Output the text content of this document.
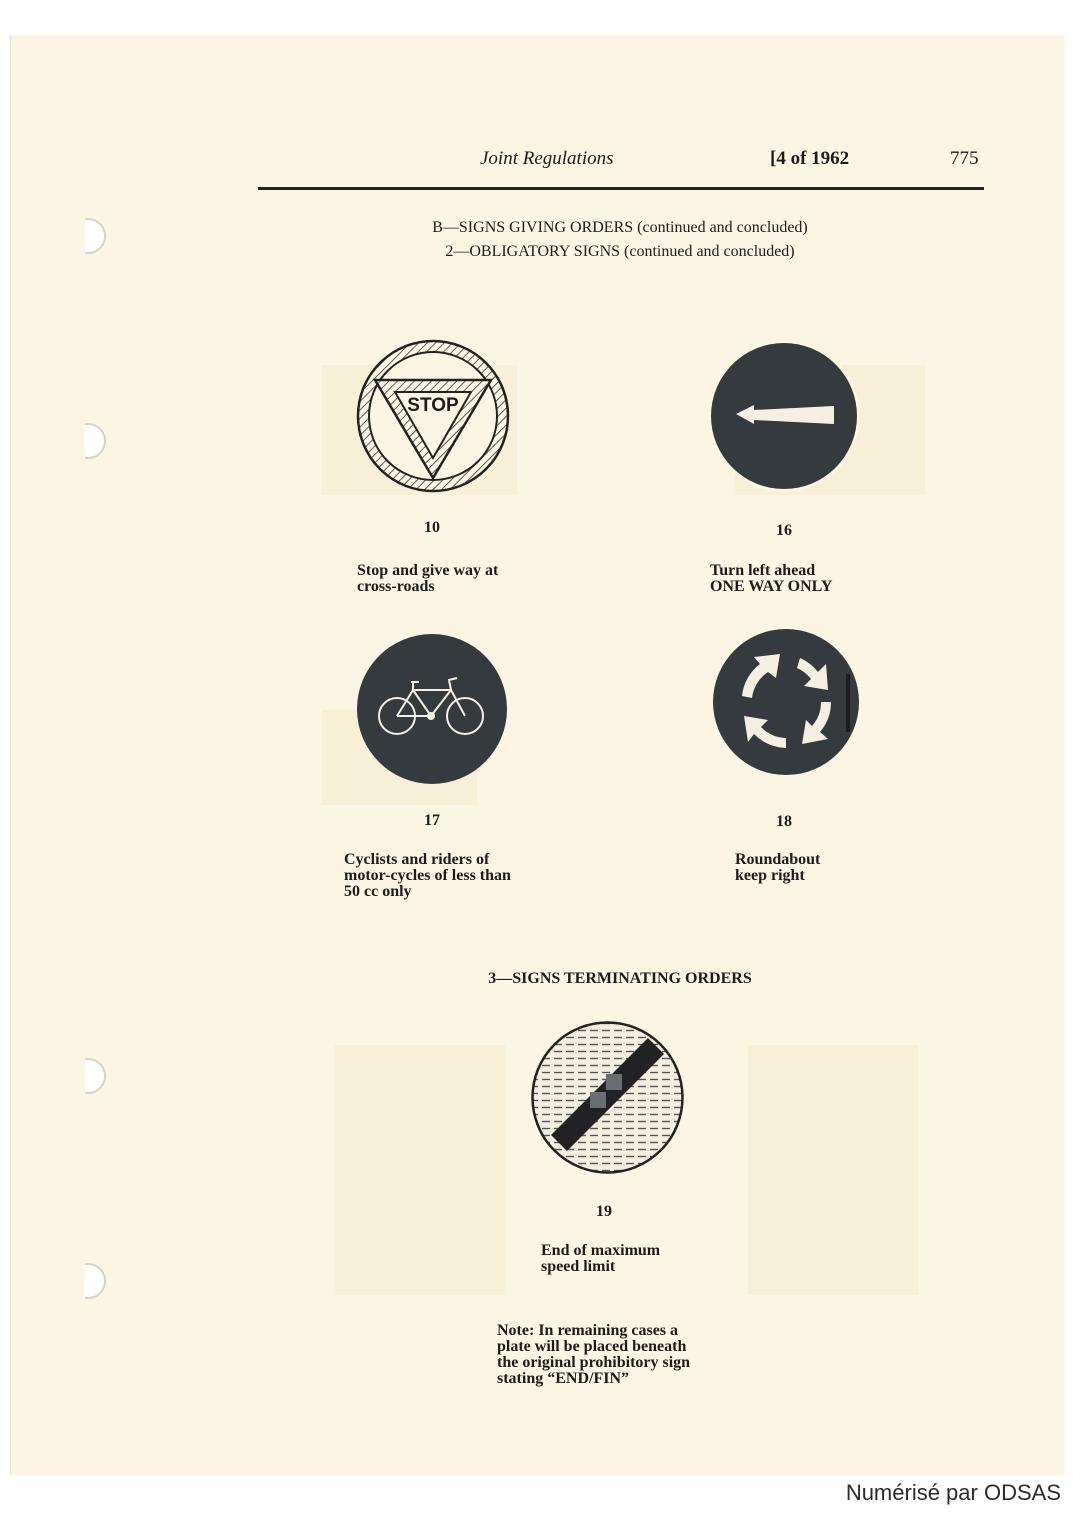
Joint Regulations	[4 of 1962	775
B—SIGNS GIVING ORDERS (continued and concluded)
2—OBLIGATORY SIGNS (continued and concluded)
STOP
10
Stop and give way at
cross-roads
16
Turn left ahead
ONE WAY ONLY
17
Cyclists and riders of
motor-cycles of less than
50 cc only
18
Roundabout
keep right
3—SIGNS TERMINATING ORDERS
19
End of maximum
speed limit
Note: In remaining cases a
plate will be placed beneath
the original prohibitory sign
stating “END/FIN”
Numérisé par ODSAS
